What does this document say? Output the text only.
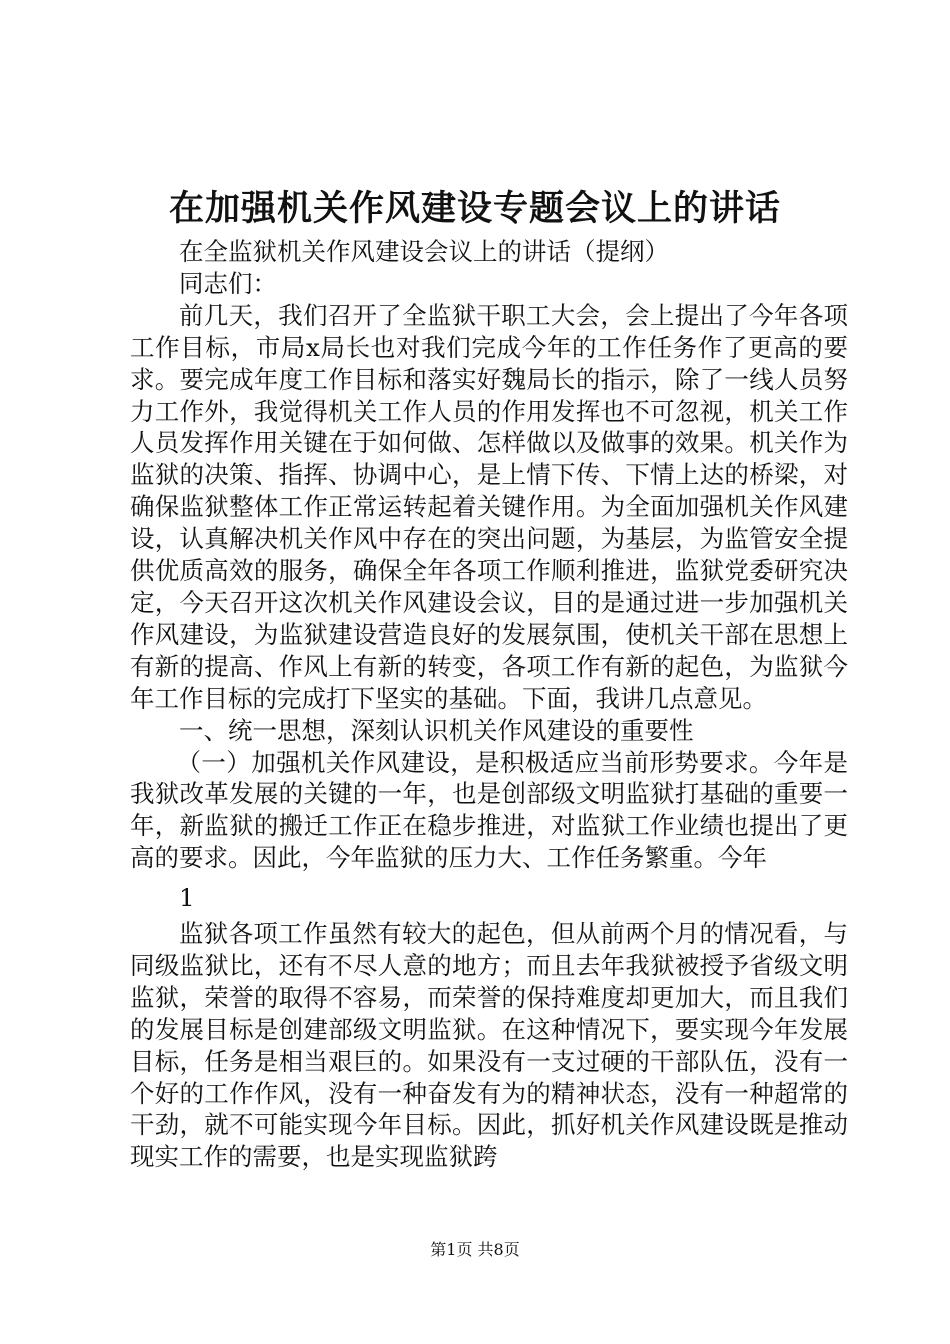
在加强机关作风建设专题会议上的讲话

在全监狱机关作风建设会议上的讲话（提纲）

同志们：

前几天，我们召开了全监狱干职工大会，会上提出了今年各项工作目标，市局x局长也对我们完成今年的工作任务作了更高的要求。要完成年度工作目标和落实好魏局长的指示，除了一线人员努力工作外，我觉得机关工作人员的作用发挥也不可忽视，机关工作人员发挥作用关键在于如何做、怎样做以及做事的效果。机关作为监狱的决策、指挥、协调中心，是上情下传、下情上达的桥梁，对确保监狱整体工作正常运转起着关键作用。为全面加强机关作风建设，认真解决机关作风中存在的突出问题，为基层，为监管安全提供优质高效的服务，确保全年各项工作顺利推进，监狱党委研究决定，今天召开这次机关作风建设会议，目的是通过进一步加强机关作风建设，为监狱建设营造良好的发展氛围，使机关干部在思想上有新的提高、作风上有新的转变，各项工作有新的起色，为监狱今年工作目标的完成打下坚实的基础。下面，我讲几点意见。

一、统一思想，深刻认识机关作风建设的重要性

（一）加强机关作风建设，是积极适应当前形势要求。今年是我狱改革发展的关键的一年，也是创部级文明监狱打基础的重要一年，新监狱的搬迁工作正在稳步推进，对监狱工作业绩也提出了更高的要求。因此，今年监狱的压力大、工作任务繁重。今年

1

监狱各项工作虽然有较大的起色，但从前两个月的情况看，与同级监狱比，还有不尽人意的地方；而且去年我狱被授予省级文明监狱，荣誉的取得不容易，而荣誉的保持难度却更加大，而且我们的发展目标是创建部级文明监狱。在这种情况下，要实现今年发展目标，任务是相当艰巨的。如果没有一支过硬的干部队伍，没有一个好的工作作风，没有一种奋发有为的精神状态，没有一种超常的干劲，就不可能实现今年目标。因此，抓好机关作风建设既是推动现实工作的需要，也是实现监狱跨

第1页 共8页
